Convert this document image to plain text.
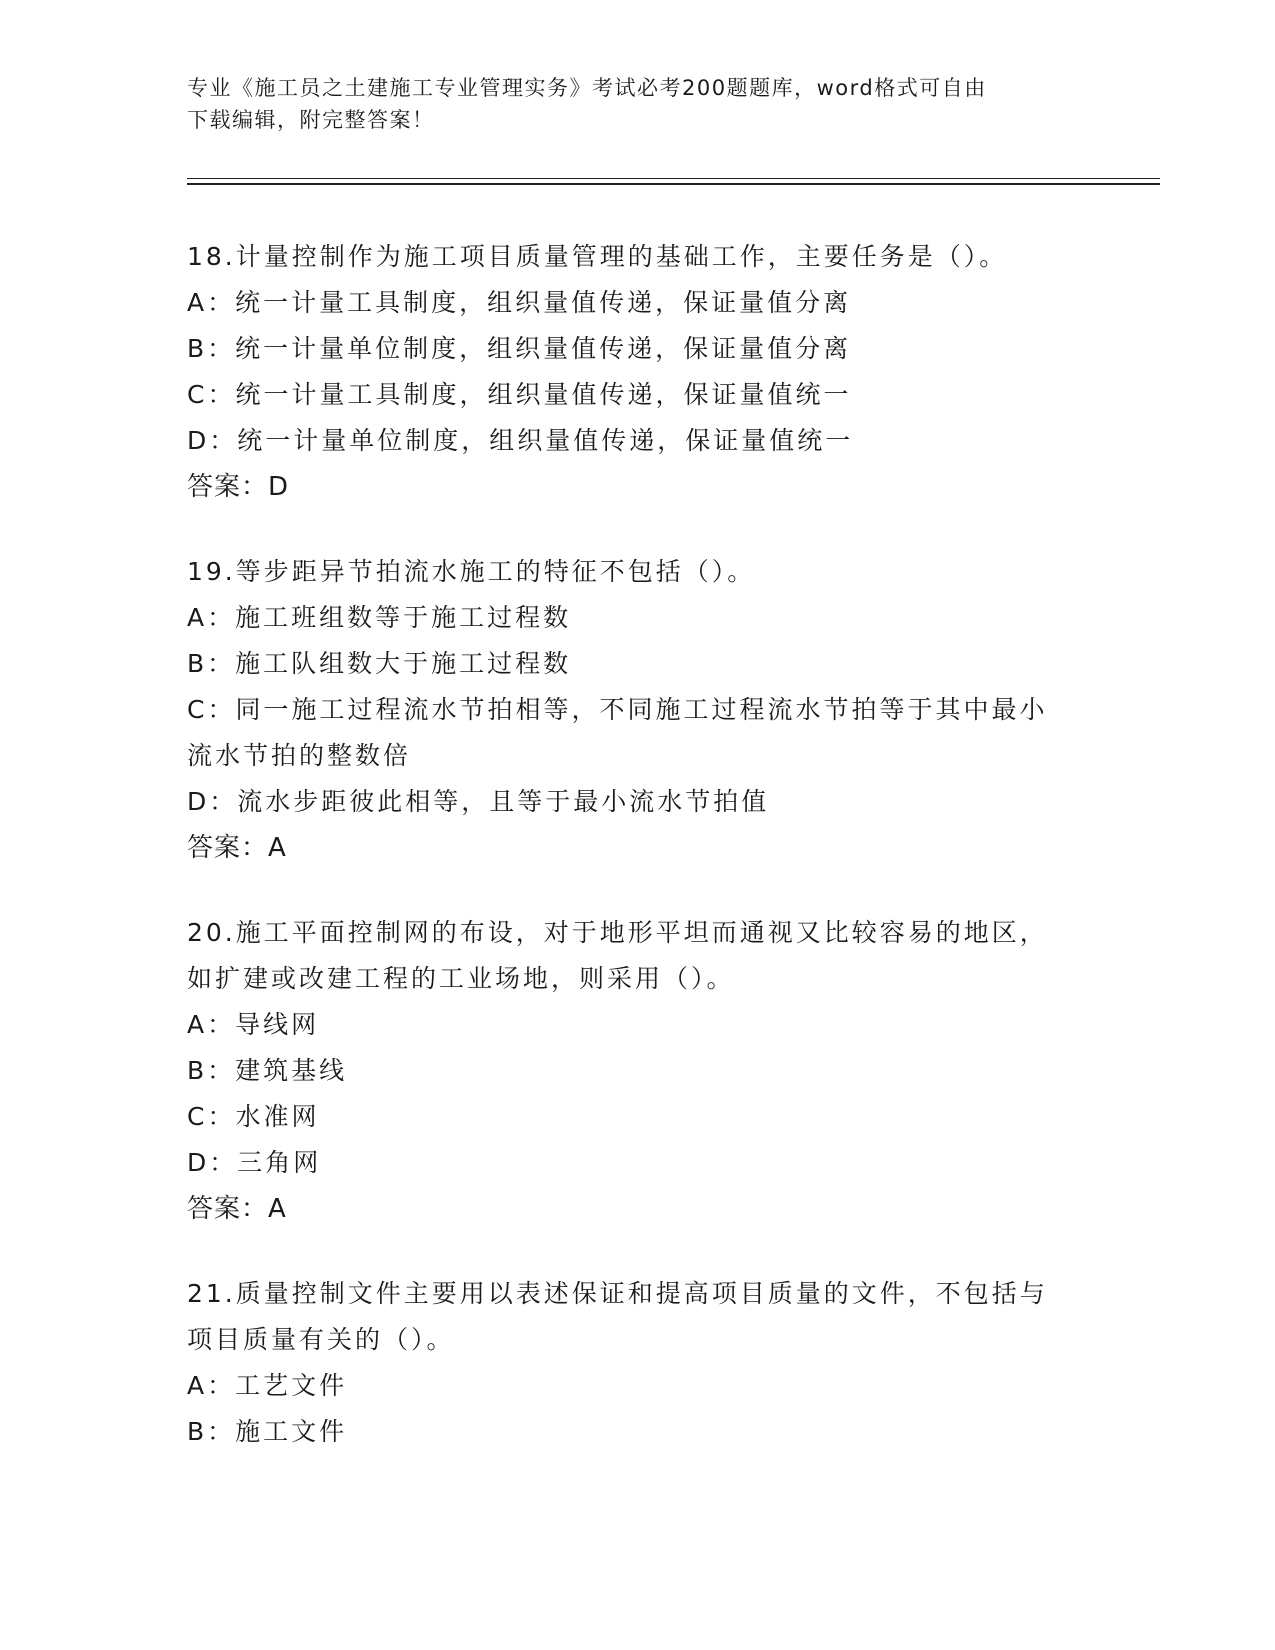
专业《施工员之土建施工专业管理实务》考试必考200题题库，word格式可自由
下载编辑，附完整答案！
18.计量控制作为施工项目质量管理的基础工作，主要任务是（）。
A：统一计量工具制度，组织量值传递，保证量值分离
B：统一计量单位制度，组织量值传递，保证量值分离
C：统一计量工具制度，组织量值传递，保证量值统一
D：统一计量单位制度，组织量值传递，保证量值统一
答案：D
19.等步距异节拍流水施工的特征不包括（）。
A：施工班组数等于施工过程数
B：施工队组数大于施工过程数
C：同一施工过程流水节拍相等，不同施工过程流水节拍等于其中最小
流水节拍的整数倍
D：流水步距彼此相等，且等于最小流水节拍值
答案：A
20.施工平面控制网的布设，对于地形平坦而通视又比较容易的地区，
如扩建或改建工程的工业场地，则采用（）。
A：导线网
B：建筑基线
C：水准网
D：三角网
答案：A
21.质量控制文件主要用以表述保证和提高项目质量的文件，不包括与
项目质量有关的（）。
A：工艺文件
B：施工文件
